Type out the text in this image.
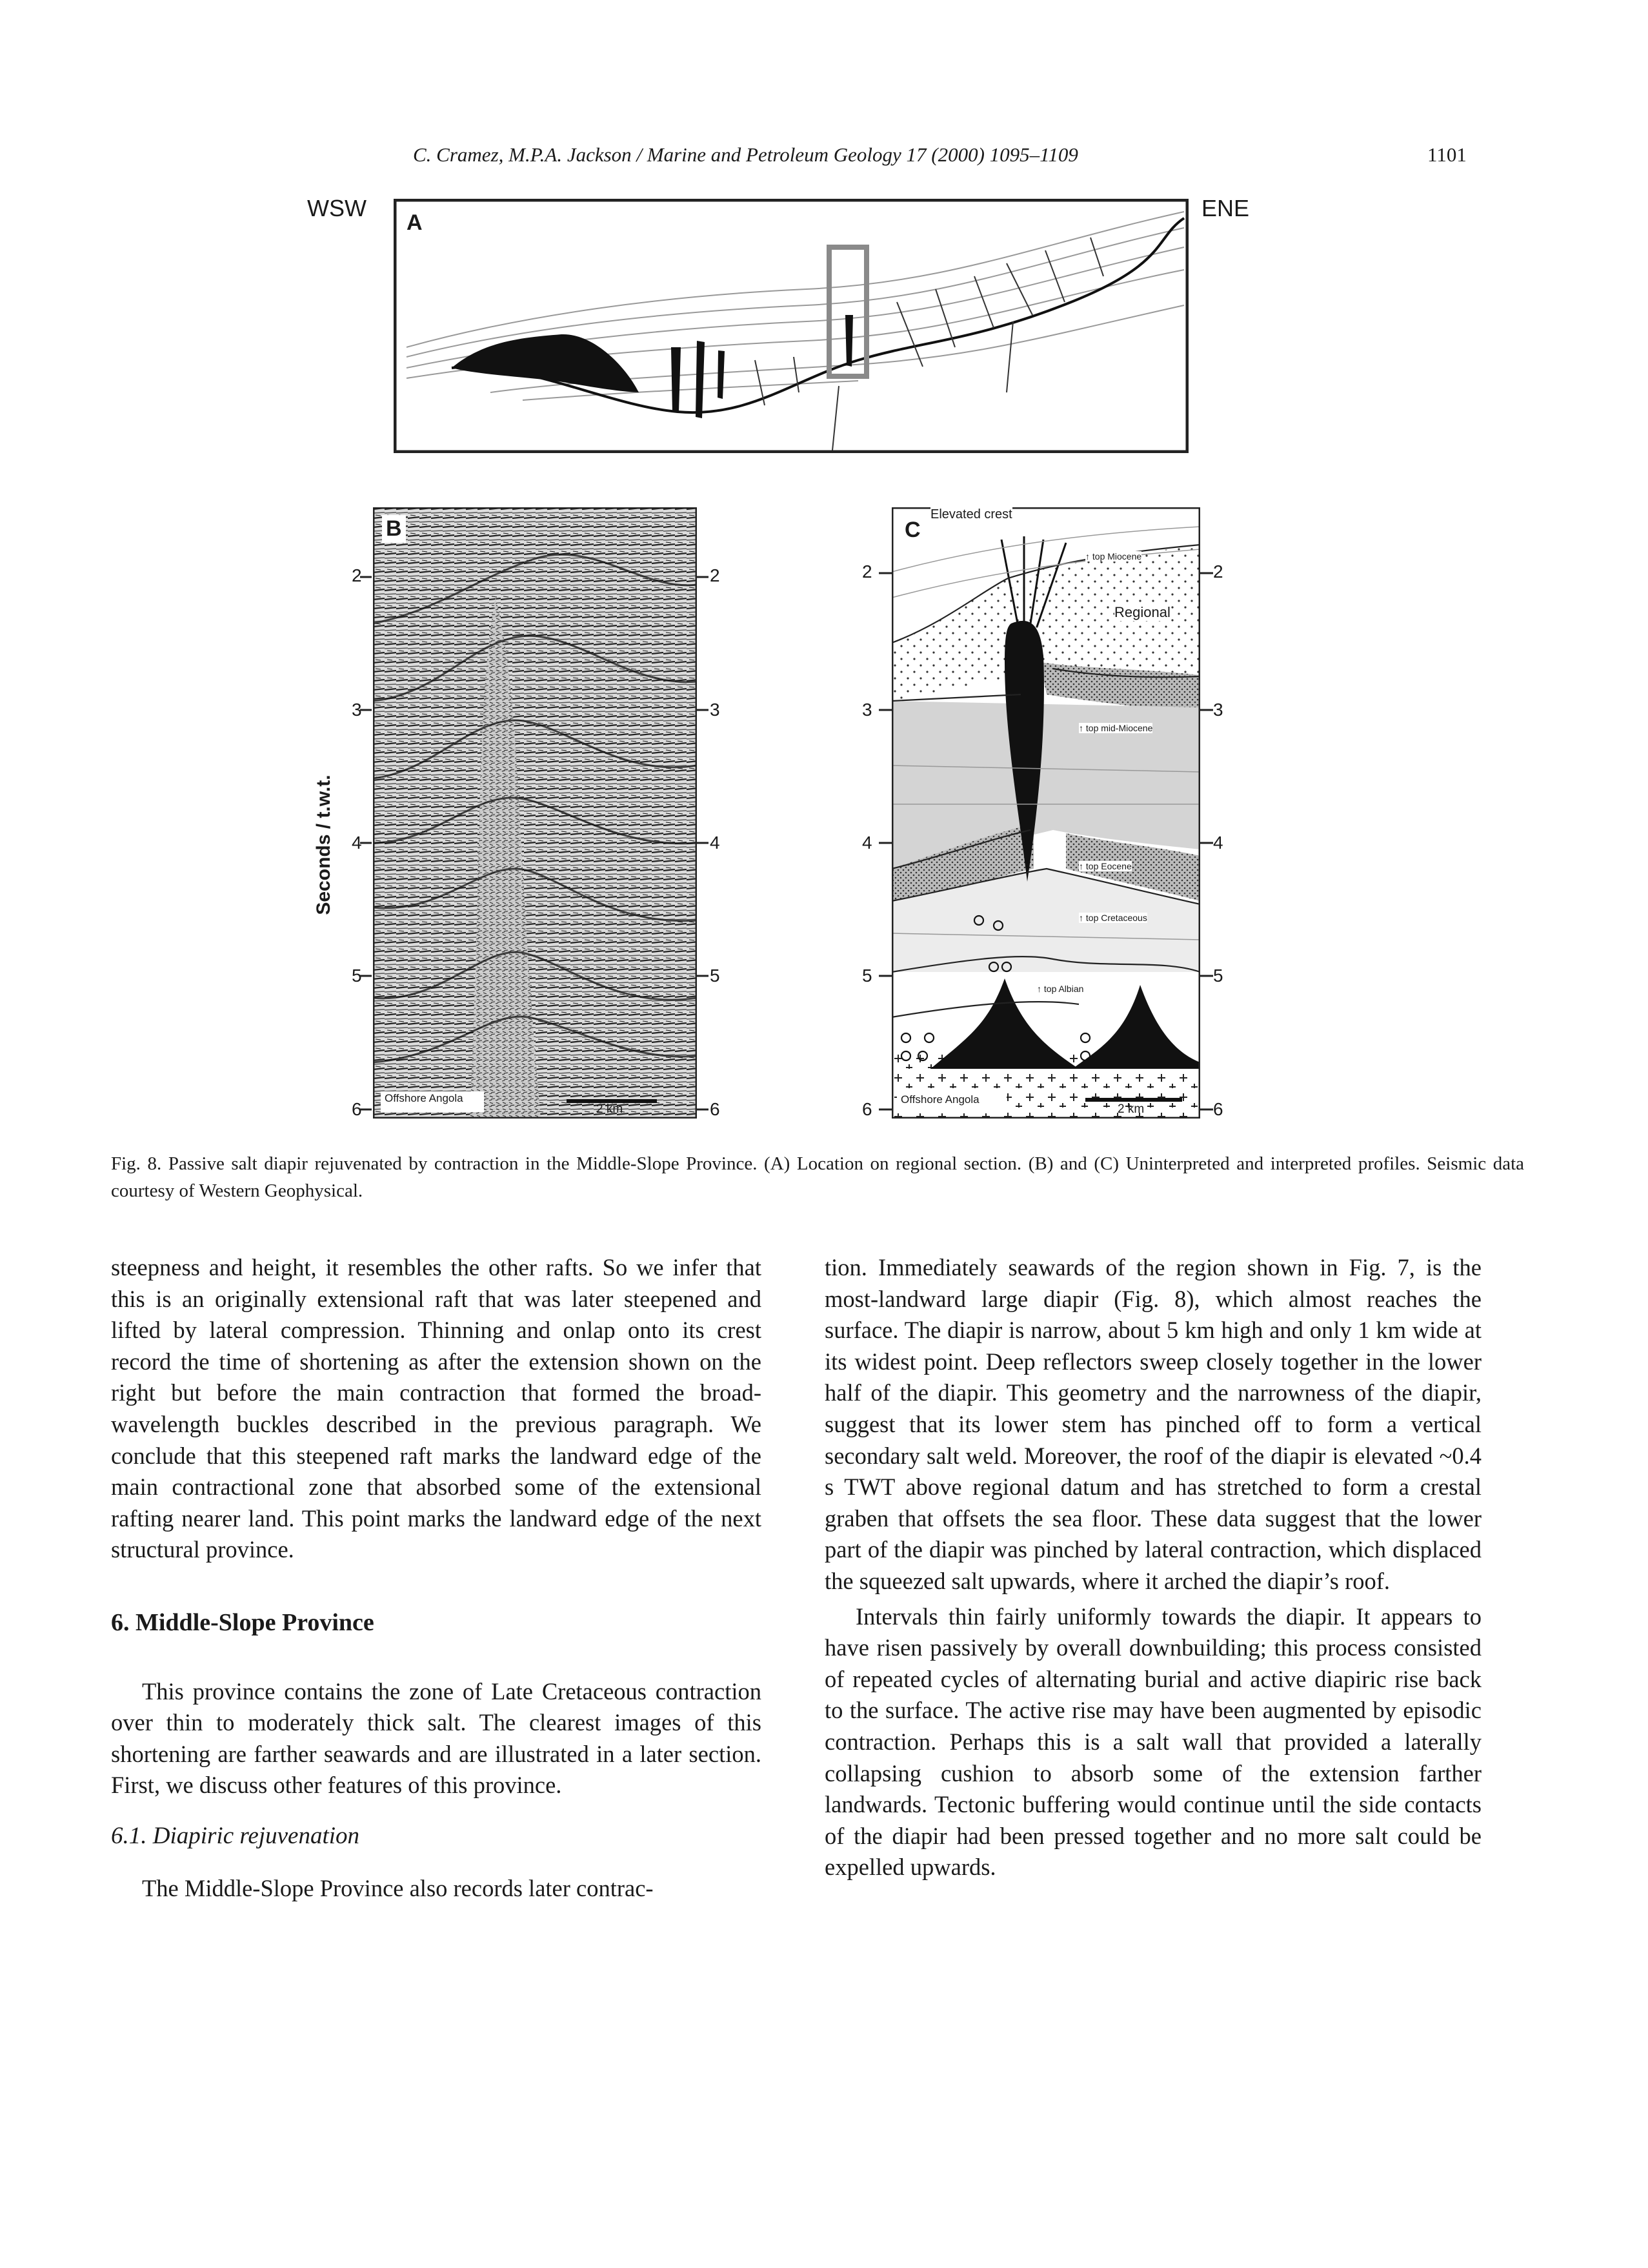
C. Cramez, M.P.A. Jackson / Marine and Petroleum Geology 17 (2000) 1095–1109	1101
WSW	ENE
A
B
Offshore Angola
2 km
2
3
4
5
6
2
3
4
5
6
Seconds / t.w.t.
C
Elevated crest
↑ top Miocene
Regional
↑ top mid-Miocene
↑ top Eocene
↑ top Cretaceous
↑ top Albian
Offshore Angola
2 km
2
3
4
5
6
2
3
4
5
6
Fig. 8. Passive salt diapir rejuvenated by contraction in the Middle-Slope Province. (A) Location on regional section. (B) and (C) Uninterpreted and interpreted profiles. Seismic data courtesy of Western Geophysical.

steepness and height, it resembles the other rafts. So we infer that this is an originally extensional raft that was later steepened and lifted by lateral compression. Thinning and onlap onto its crest record the time of shortening as after the extension shown on the right but before the main contraction that formed the broad-wavelength buckles described in the previous paragraph. We conclude that this steepened raft marks the landward edge of the main contractional zone that absorbed some of the extensional rafting nearer land. This point marks the landward edge of the next structural province.

6. Middle-Slope Province

This province contains the zone of Late Cretaceous contraction over thin to moderately thick salt. The clearest images of this shortening are farther seawards and are illustrated in a later section. First, we discuss other features of this province.

6.1. Diapiric rejuvenation

The Middle-Slope Province also records later contrac-

tion. Immediately seawards of the region shown in Fig. 7, is the most-landward large diapir (Fig. 8), which almost reaches the surface. The diapir is narrow, about 5 km high and only 1 km wide at its widest point. Deep reflectors sweep closely together in the lower half of the diapir. This geometry and the narrowness of the diapir, suggest that its lower stem has pinched off to form a vertical secondary salt weld. Moreover, the roof of the diapir is elevated ~0.4 s TWT above regional datum and has stretched to form a crestal graben that offsets the sea floor. These data suggest that the lower part of the diapir was pinched by lateral contraction, which displaced the squeezed salt upwards, where it arched the diapir’s roof.

Intervals thin fairly uniformly towards the diapir. It appears to have risen passively by overall downbuilding; this process consisted of repeated cycles of alternating burial and active diapiric rise back to the surface. The active rise may have been augmented by episodic contraction. Perhaps this is a salt wall that provided a laterally collapsing cushion to absorb some of the extension farther landwards. Tectonic buffering would continue until the side contacts of the diapir had been pressed together and no more salt could be expelled upwards.
